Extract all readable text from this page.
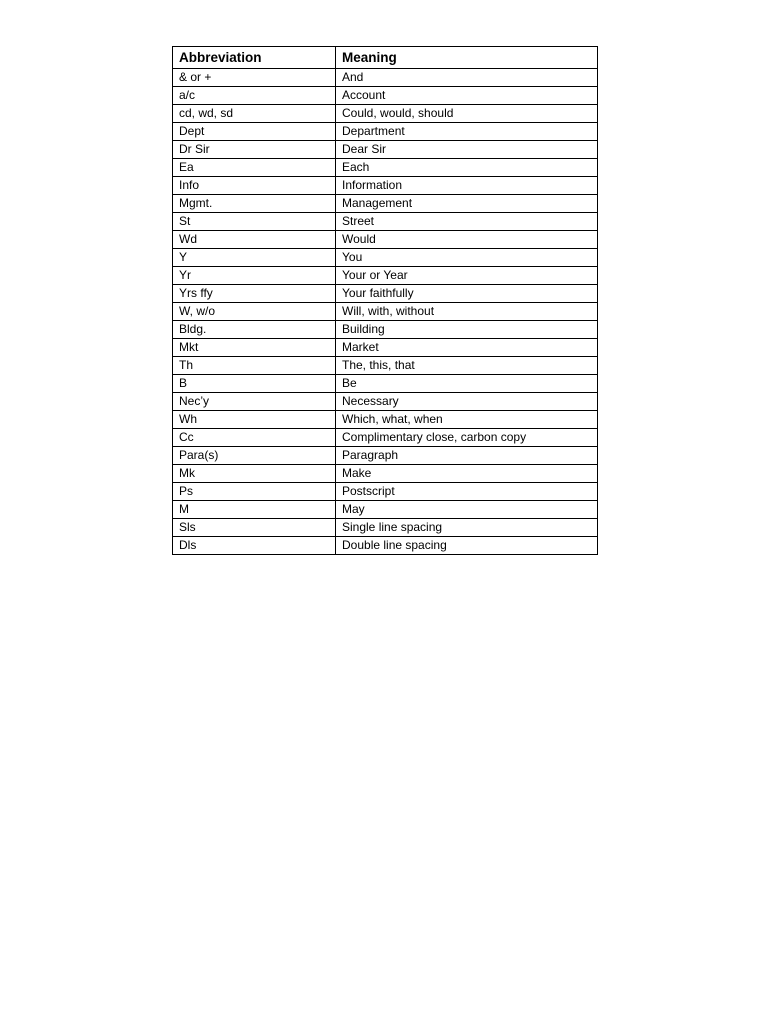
Abbreviation	Meaning
& or +	And
a/c	Account
cd, wd, sd	Could, would, should
Dept	Department
Dr Sir	Dear Sir
Ea	Each
Info	Information
Mgmt.	Management
St	Street
Wd	Would
Y	You
Yr	Your or Year
Yrs ffy	Your faithfully
W, w/o	Will, with, without
Bldg.	Building
Mkt	Market
Th	The, this, that
B	Be
Nec’y	Necessary
Wh	Which, what, when
Cc	Complimentary close, carbon copy
Para(s)	Paragraph
Mk	Make
Ps	Postscript
M	May
Sls	Single line spacing
Dls	Double line spacing
